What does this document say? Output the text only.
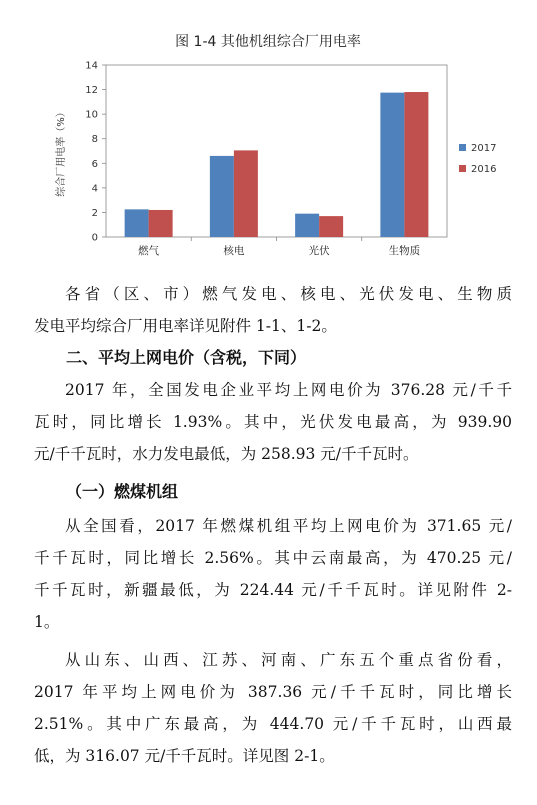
图 1-4 其他机组综合厂用电率
综合厂用电率（%）
0
2
4
6
8
10
12
14
燃气	核电	光伏	生物质
2017
2016

各省（区、市）燃气发电、核电、光伏发电、生物质
发电平均综合厂用电率详见附件 1-1、1-2。

二、平均上网电价（含税，下同）

2017 年，全国发电企业平均上网电价为 376.28 元/千千
瓦时，同比增长 1.93%。其中，光伏发电最高，为 939.90
元/千千瓦时，水力发电最低，为 258.93 元/千千瓦时。

（一）燃煤机组

从全国看，2017 年燃煤机组平均上网电价为 371.65 元/
千千瓦时，同比增长 2.56%。其中云南最高，为 470.25 元/
千千瓦时，新疆最低，为 224.44 元/千千瓦时。详见附件 2-
1。

从山东、山西、江苏、河南、广东五个重点省份看，
2017 年平均上网电价为 387.36 元/千千瓦时，同比增长
2.51%。其中广东最高，为 444.70 元/千千瓦时，山西最
低，为 316.07 元/千千瓦时。详见图 2-1。
